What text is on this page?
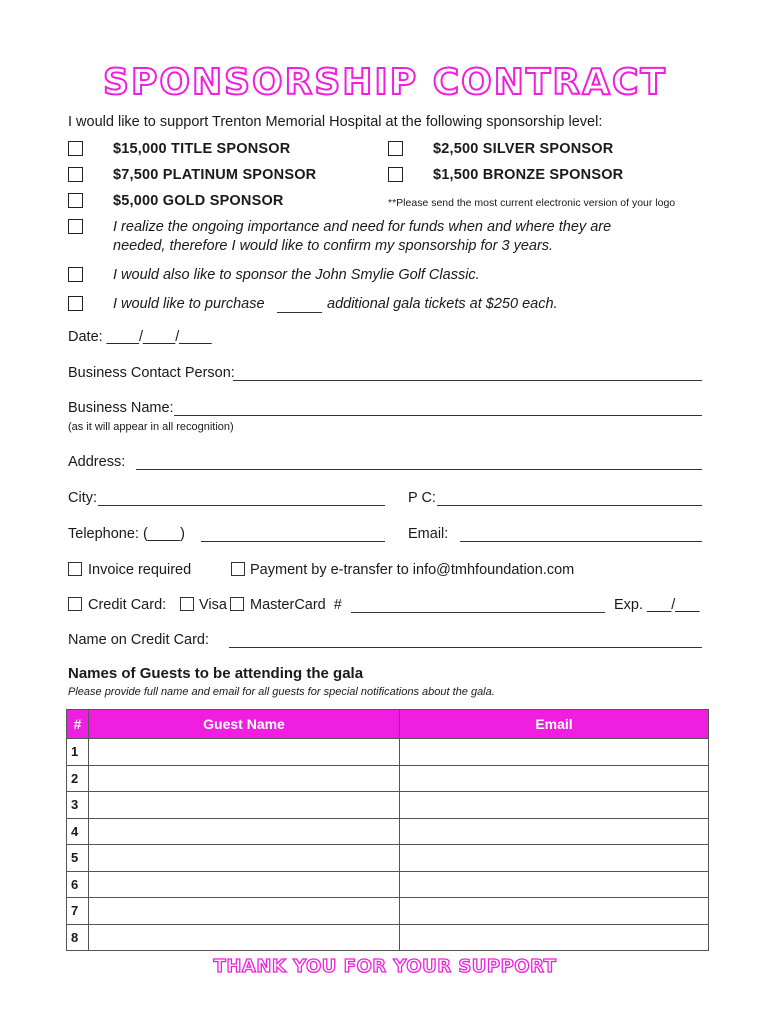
SPONSORSHIP CONTRACT
I would like to support Trenton Memorial Hospital at the following sponsorship level:
$15,000 TITLE SPONSOR	$2,500 SILVER SPONSOR
$7,500 PLATINUM SPONSOR	$1,500 BRONZE SPONSOR
$5,000 GOLD SPONSOR	**Please send the most current electronic version of your logo
I realize the ongoing importance and need for funds when and where they are
needed, therefore I would like to confirm my sponsorship for 3 years.
I would also like to sponsor the John Smylie Golf Classic.
I would like to purchase	additional gala tickets at $250 each.
Date: ____/____/____
Business Contact Person:
Business Name:
(as it will appear in all recognition)
Address:
City:	P C:
Telephone: (____)	Email:
Invoice required	Payment by e-transfer to info@tmhfoundation.com
Credit Card: Visa MasterCard  #	Exp. ___/___
Name on Credit Card:
Names of Guests to be attending the gala
Please provide full name and email for all guests for special notifications about the gala.
#	Guest Name	Email
1		
2		
3		
4		
5		
6		
7		
8		
THANK YOU FOR YOUR SUPPORT
